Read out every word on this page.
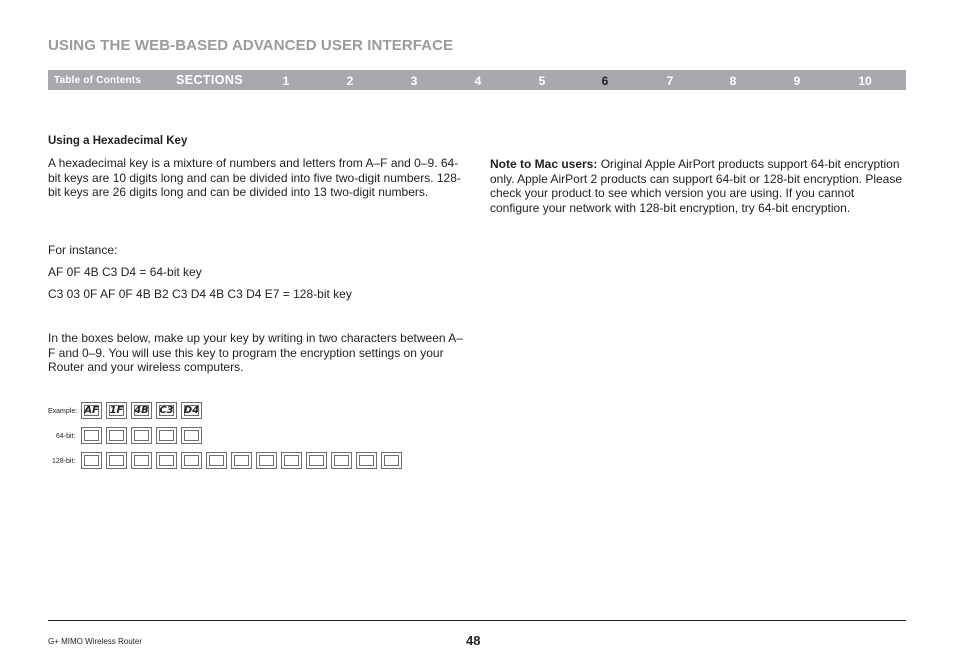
USING THE WEB-BASED ADVANCED USER INTERFACE
Table of Contents	SECTIONS	1	2	3	4	5	6	7	8	9	10
Using a Hexadecimal Key
A hexadecimal key is a mixture of numbers and letters from A–F and 0–9. 64-bit keys are 10 digits long and can be divided into five two-digit numbers. 128-bit keys are 26 digits long and can be divided into 13 two-digit numbers.
For instance:
AF 0F 4B C3 D4 = 64-bit key
C3 03 0F AF 0F 4B B2 C3 D4 4B C3 D4 E7 = 128-bit key
In the boxes below, make up your key by writing in two characters between A–F and 0–9. You will use this key to program the encryption settings on your Router and your wireless computers.
Example: AF	1F	4B	C3	D4
64-bit:
128-bit:
Note to Mac users: Original Apple AirPort products support 64-bit encryption only. Apple AirPort 2 products can support 64-bit or 128-bit encryption. Please check your product to see which version you are using. If you cannot configure your network with 128-bit encryption, try 64-bit encryption.
G+ MIMO Wireless Router	48
